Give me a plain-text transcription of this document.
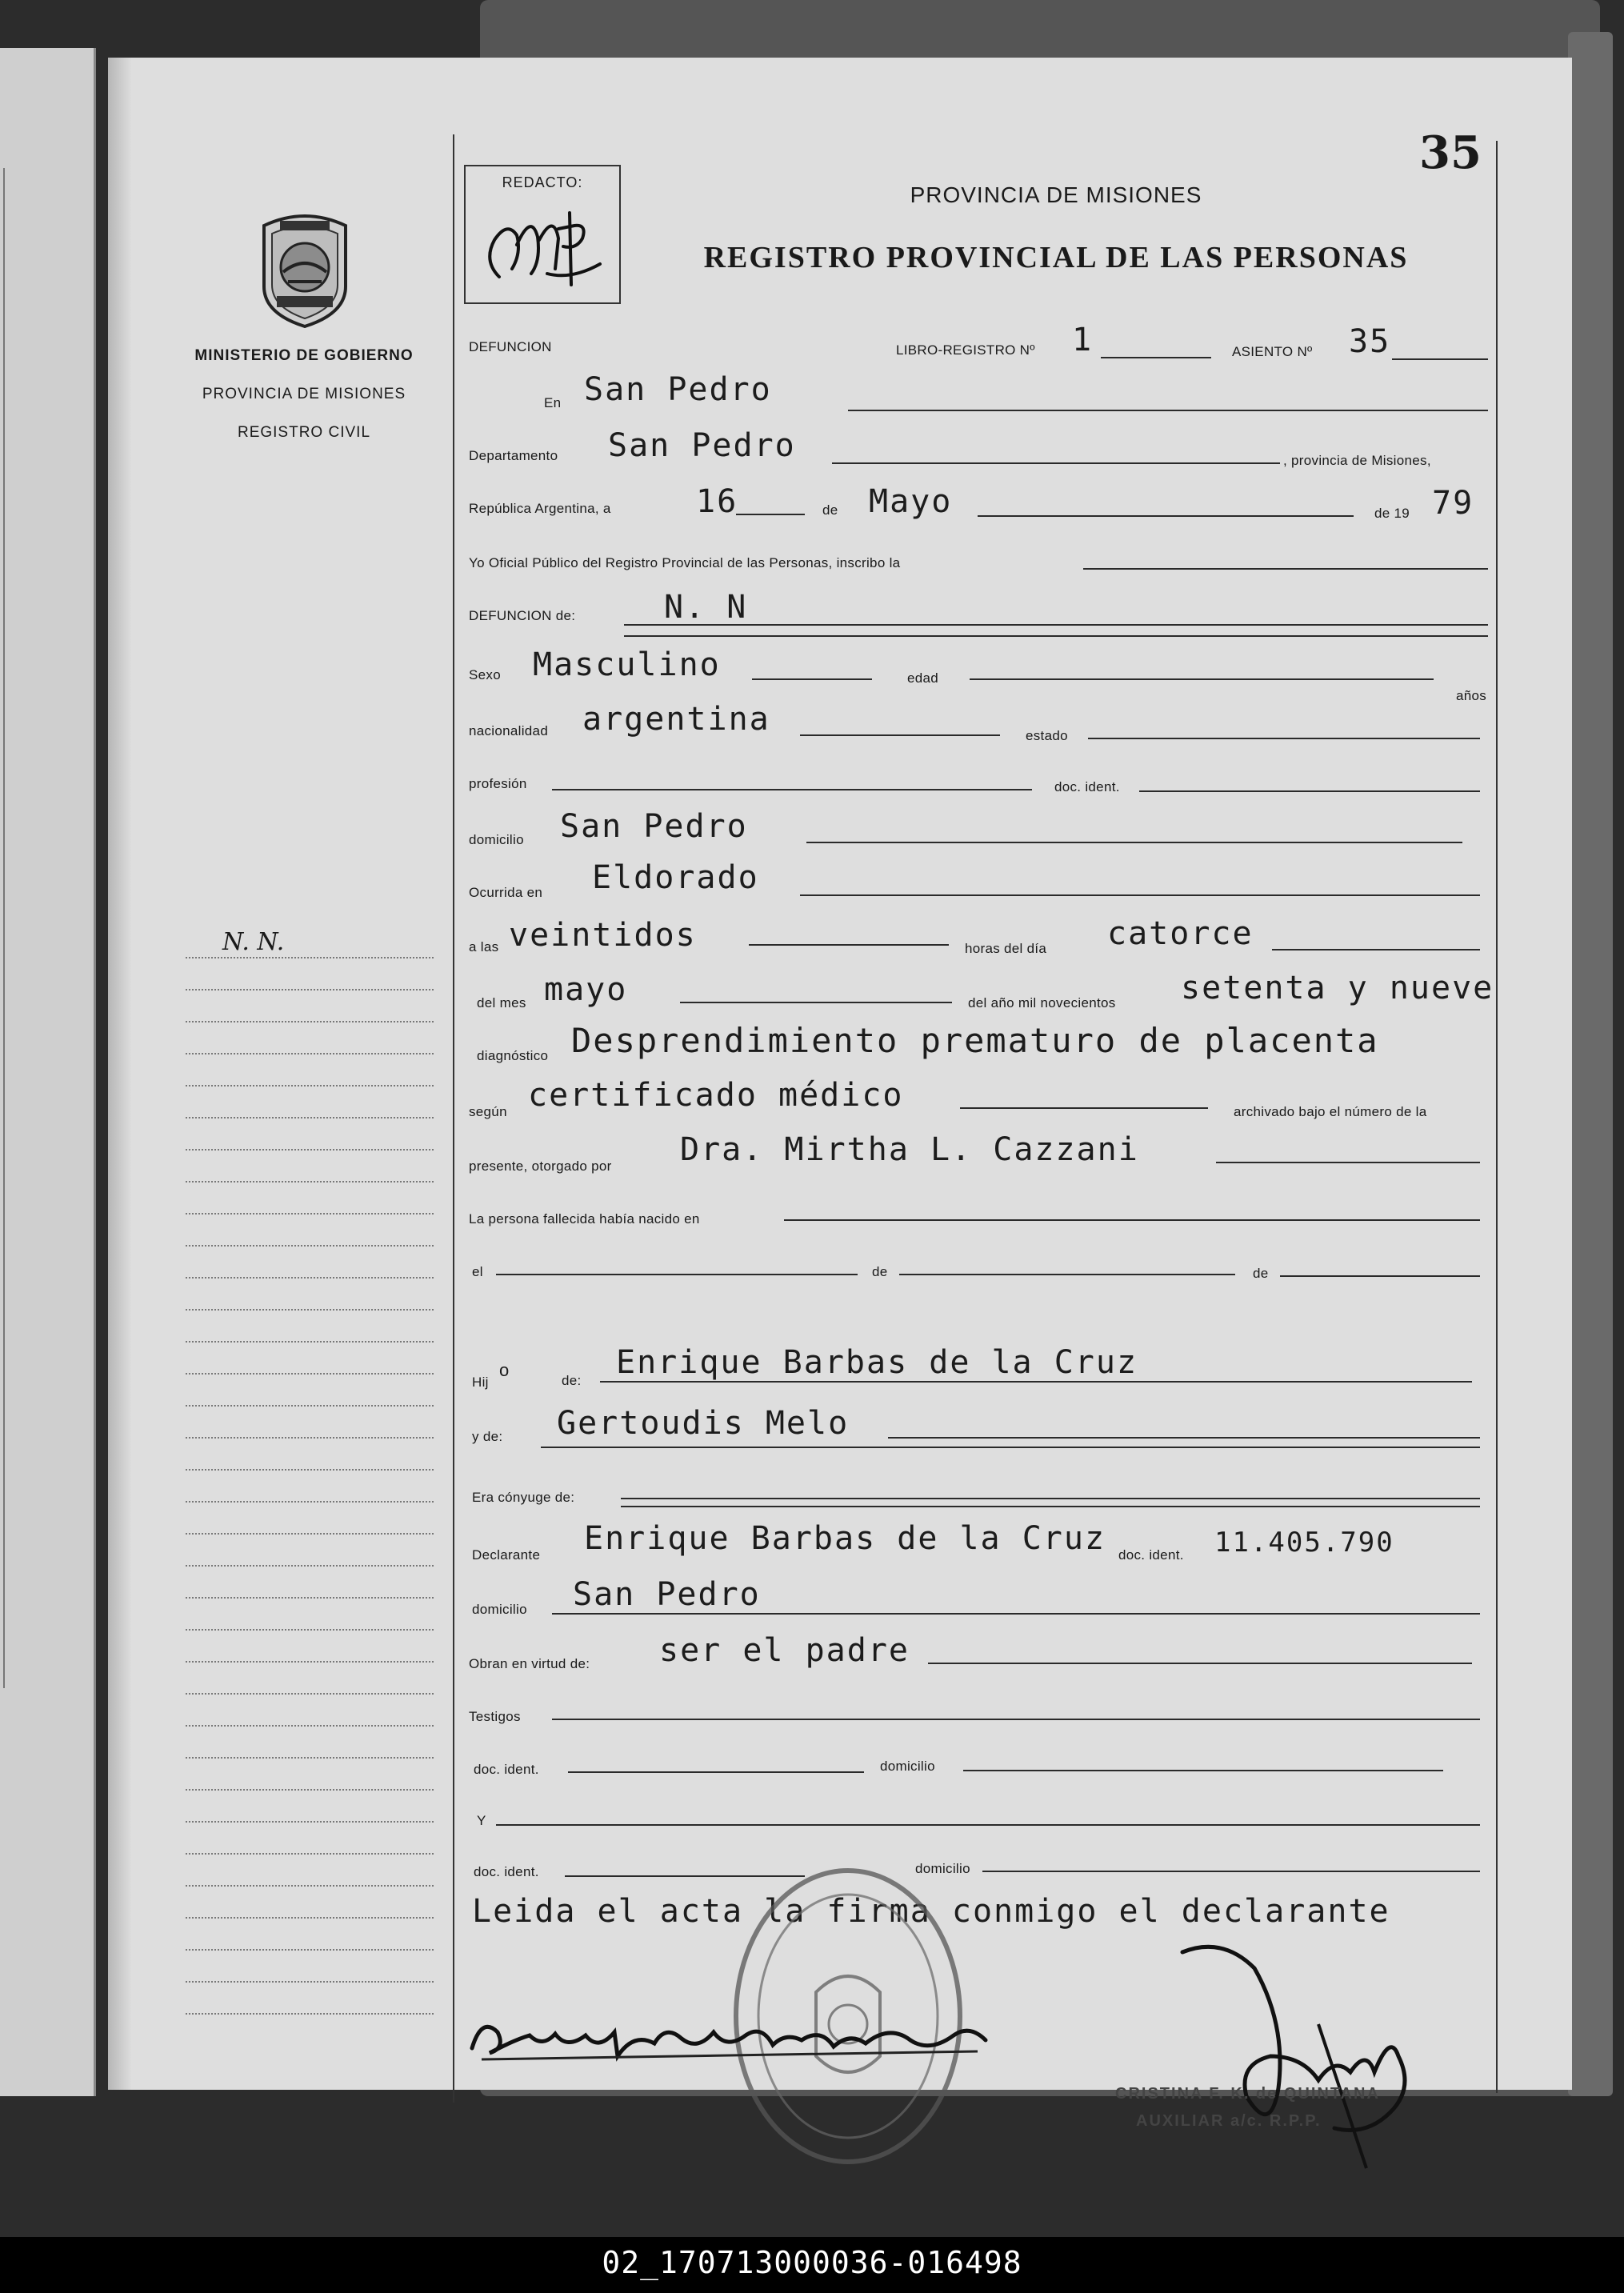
35
MINISTERIO DE GOBIERNO
PROVINCIA DE MISIONES
REGISTRO CIVIL
N. N.
REDACTO:	PROVINCIA DE MISIONES
REGISTRO PROVINCIAL DE LAS PERSONAS
DEFUNCION	LIBRO-REGISTRO Nº 1	ASIENTO Nº 35
En San Pedro
Departamento San Pedro	, provincia de Misiones,
República Argentina, a	16	de Mayo	de 19 79
Yo Oficial Público del Registro Provincial de las Personas, inscribo la
DEFUNCION de:	N. N
Sexo Masculino	edad
años
nacionalidad argentina	estado
profesión	doc. ident.
domicilio San Pedro
Ocurrida en Eldorado
a las veintidos	horas del día catorce
del mes mayo	del año mil novecientos setenta y nueve
diagnóstico Desprendimiento prematuro de placenta
según certificado médico	archivado bajo el número de la
presente, otorgado por Dra. Mirtha L. Cazzani
La persona fallecida había nacido en
el	de	de
Hij
o
de: Enrique Barbas de la Cruz
y de: Gertoudis Melo
Era cónyuge de:
Declarante Enrique Barbas de la Cruz doc. ident. 11.405.790
domicilio San Pedro
Obran en virtud de: ser el padre
Testigos
doc. ident.	domicilio
Y
doc. ident.	domicilio
Leida el acta la firma conmigo el declarante
CRISTINA F. K. de QUINTANA
AUXILIAR a/c. R.P.P.
02_170713000036-016498
